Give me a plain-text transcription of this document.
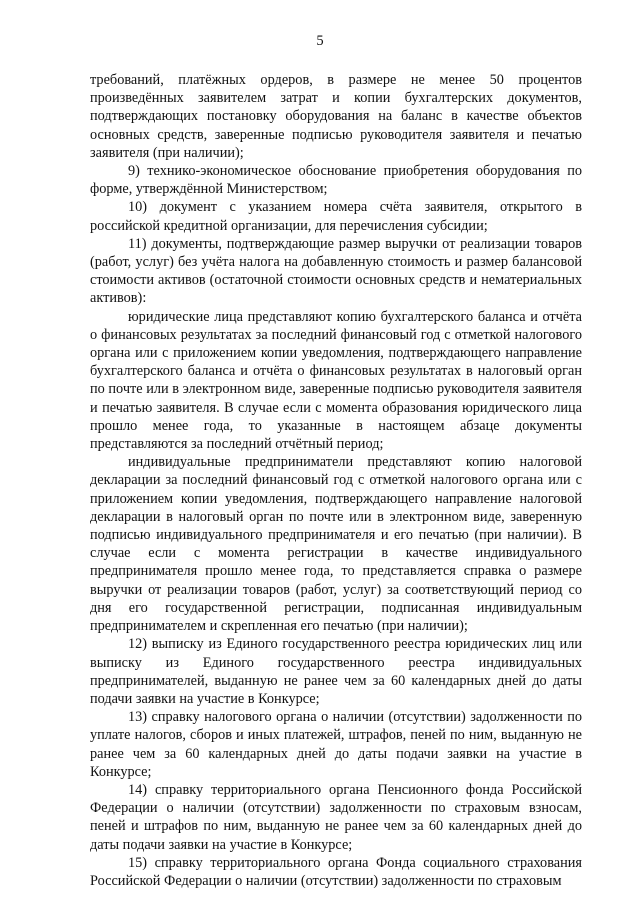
5

требований, платёжных ордеров, в размере не менее 50 процентов произведённых заявителем затрат и копии бухгалтерских документов, подтверждающих постановку оборудования на баланс в качестве объектов основных средств, заверенные подписью руководителя заявителя и печатью заявителя (при наличии);

9) технико-экономическое обоснование приобретения оборудования по форме, утверждённой Министерством;

10) документ с указанием номера счёта заявителя, открытого в российской кредитной организации, для перечисления субсидии;

11) документы, подтверждающие размер выручки от реализации товаров (работ, услуг) без учёта налога на добавленную стоимость и размер балансовой стоимости активов (остаточной стоимости основных средств и нематериальных активов):

юридические лица представляют копию бухгалтерского баланса и отчёта о финансовых результатах за последний финансовый год с отметкой налогового органа или с приложением копии уведомления, подтверждающего направление бухгалтерского баланса и отчёта о финансовых результатах в налоговый орган по почте или в электронном виде, заверенные подписью руководителя заявителя и печатью заявителя. В случае если с момента образования юридического лица прошло менее года, то указанные в настоящем абзаце документы представляются за последний отчётный период;

индивидуальные предприниматели представляют копию налоговой декларации за последний финансовый год с отметкой налогового органа или с приложением копии уведомления, подтверждающего направление налоговой декларации в налоговый орган по почте или в электронном виде, заверенную подписью индивидуального предпринимателя и его печатью (при наличии). В случае если с момента регистрации в качестве индивидуального предпринимателя прошло менее года, то представляется справка о размере выручки от реализации товаров (работ, услуг) за соответствующий период со дня его государственной регистрации, подписанная индивидуальным предпринимателем и скрепленная его печатью (при наличии);

12) выписку из Единого государственного реестра юридических лиц или выписку из Единого государственного реестра индивидуальных предпринимателей, выданную не ранее чем за 60 календарных дней до даты подачи заявки на участие в Конкурсе;

13) справку налогового органа о наличии (отсутствии) задолженности по уплате налогов, сборов и иных платежей, штрафов, пеней по ним, выданную не ранее чем за 60 календарных дней до даты подачи заявки на участие в Конкурсе;

14) справку территориального органа Пенсионного фонда Российской Федерации о наличии (отсутствии) задолженности по страховым взносам, пеней и штрафов по ним, выданную не ранее чем за 60 календарных дней до даты подачи заявки на участие в Конкурсе;

15) справку территориального органа Фонда социального страхования Российской Федерации о наличии (отсутствии) задолженности по страховым
